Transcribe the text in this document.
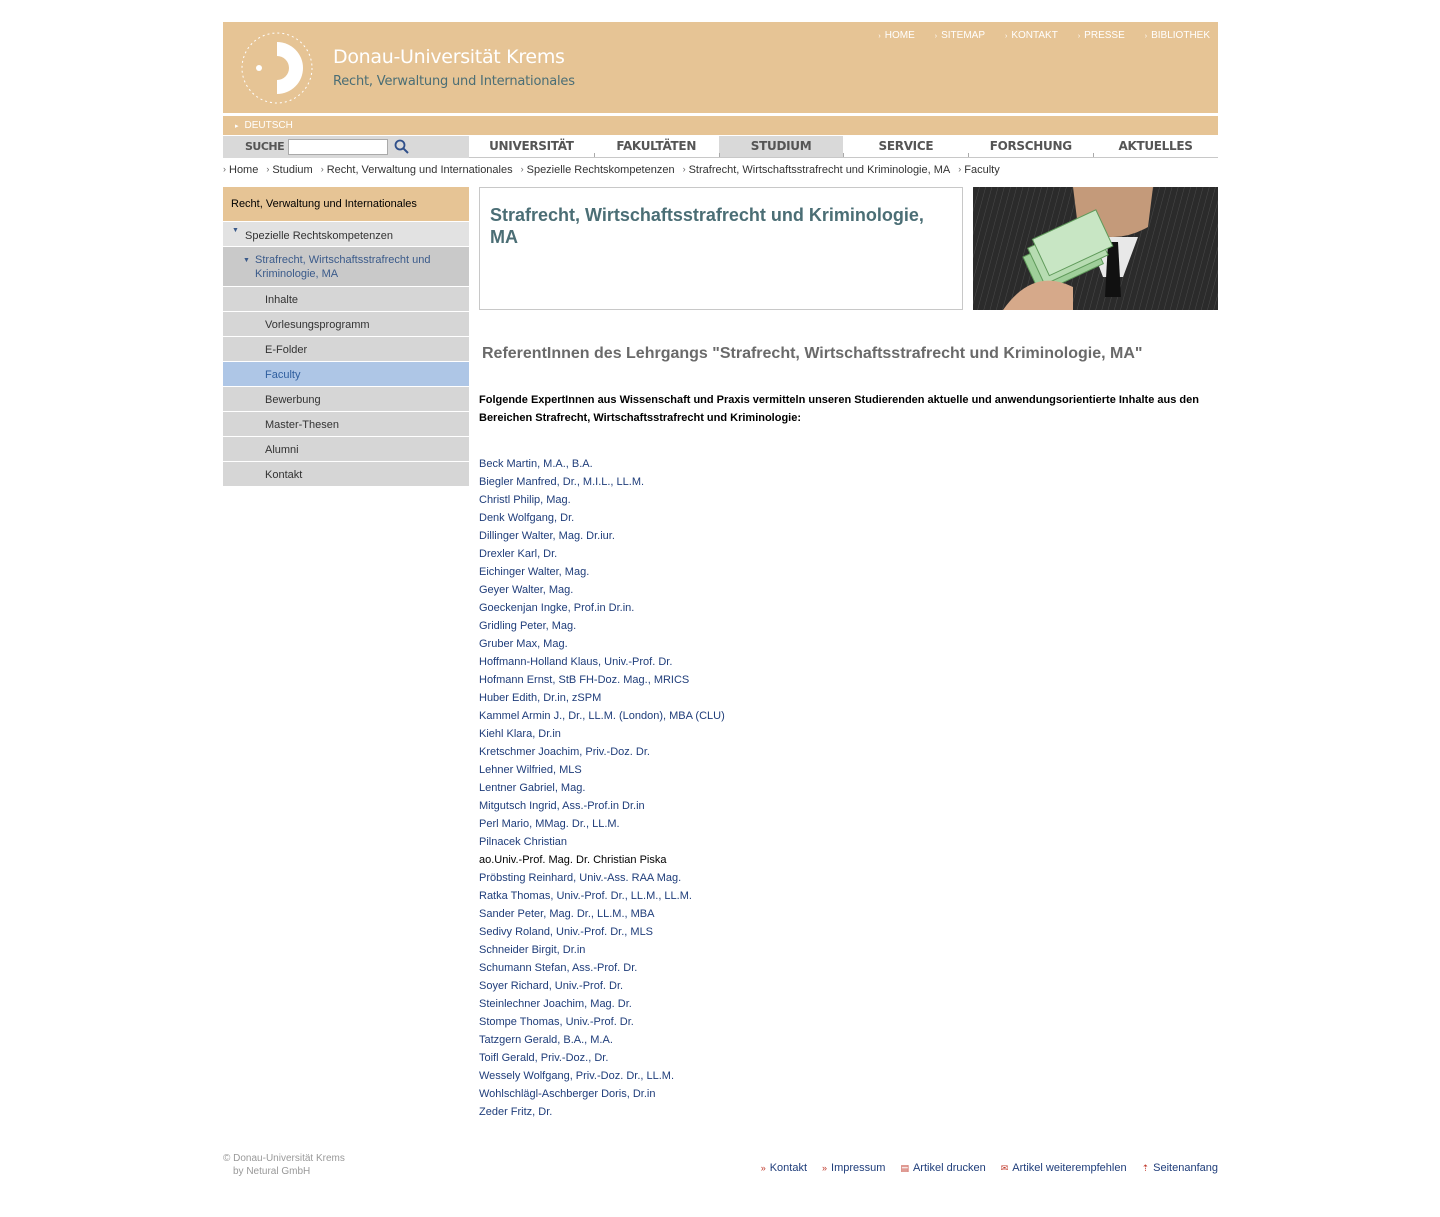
Donau-Universität Krems
Recht, Verwaltung und Internationales
› HOME	› SITEMAP	› KONTAKT	› PRESSE	› BIBLIOTHEK
▸ DEUTSCH
SUCHE	UNIVERSITÄT	FAKULTÄTEN	STUDIUM	SERVICE	FORSCHUNG	AKTUELLES
› Home › Studium › Recht, Verwaltung und Internationales › Spezielle Rechtskompetenzen › Strafrecht, Wirtschaftsstrafrecht und Kriminologie, MA › Faculty
Recht, Verwaltung und Internationales
▼ Spezielle Rechtskompetenzen
▼ Strafrecht, Wirtschaftsstrafrecht und Kriminologie, MA
Inhalte
Vorlesungsprogramm
E-Folder
Faculty
Bewerbung
Master-Thesen
Alumni
Kontakt
Strafrecht, Wirtschaftsstrafrecht und Kriminologie, MA
ReferentInnen des Lehrgangs "Strafrecht, Wirtschaftsstrafrecht und Kriminologie, MA"
Folgende ExpertInnen aus Wissenschaft und Praxis vermitteln unseren Studierenden aktuelle und anwendungsorientierte Inhalte aus den Bereichen Strafrecht, Wirtschaftsstrafrecht und Kriminologie:
Beck Martin, M.A., B.A.
Biegler Manfred, Dr., M.I.L., LL.M.
Christl Philip, Mag.
Denk Wolfgang, Dr.
Dillinger Walter, Mag. Dr.iur.
Drexler Karl, Dr.
Eichinger Walter, Mag.
Geyer Walter, Mag.
Goeckenjan Ingke, Prof.in Dr.in.
Gridling Peter, Mag.
Gruber Max, Mag.
Hoffmann-Holland Klaus, Univ.-Prof. Dr.
Hofmann Ernst, StB FH-Doz. Mag., MRICS
Huber Edith, Dr.in, zSPM
Kammel Armin J., Dr., LL.M. (London), MBA (CLU)
Kiehl Klara, Dr.in
Kretschmer Joachim, Priv.-Doz. Dr.
Lehner Wilfried, MLS
Lentner Gabriel, Mag.
Mitgutsch Ingrid, Ass.-Prof.in Dr.in
Perl Mario, MMag. Dr., LL.M.
Pilnacek Christian
ao.Univ.-Prof. Mag. Dr. Christian Piska
Pröbsting Reinhard, Univ.-Ass. RAA Mag.
Ratka Thomas, Univ.-Prof. Dr., LL.M., LL.M.
Sander Peter, Mag. Dr., LL.M., MBA
Sedivy Roland, Univ.-Prof. Dr., MLS
Schneider Birgit, Dr.in
Schumann Stefan, Ass.-Prof. Dr.
Soyer Richard, Univ.-Prof. Dr.
Steinlechner Joachim, Mag. Dr.
Stompe Thomas, Univ.-Prof. Dr.
Tatzgern Gerald, B.A., M.A.
Toifl Gerald, Priv.-Doz., Dr.
Wessely Wolfgang, Priv.-Doz. Dr., LL.M.
Wohlschlägl-Aschberger Doris, Dr.in
Zeder Fritz, Dr.
© Donau-Universität Krems
by Netural GmbH	» Kontakt » Impressum ▤ Artikel drucken ✉ Artikel weiterempfehlen ⇡ Seitenanfang
